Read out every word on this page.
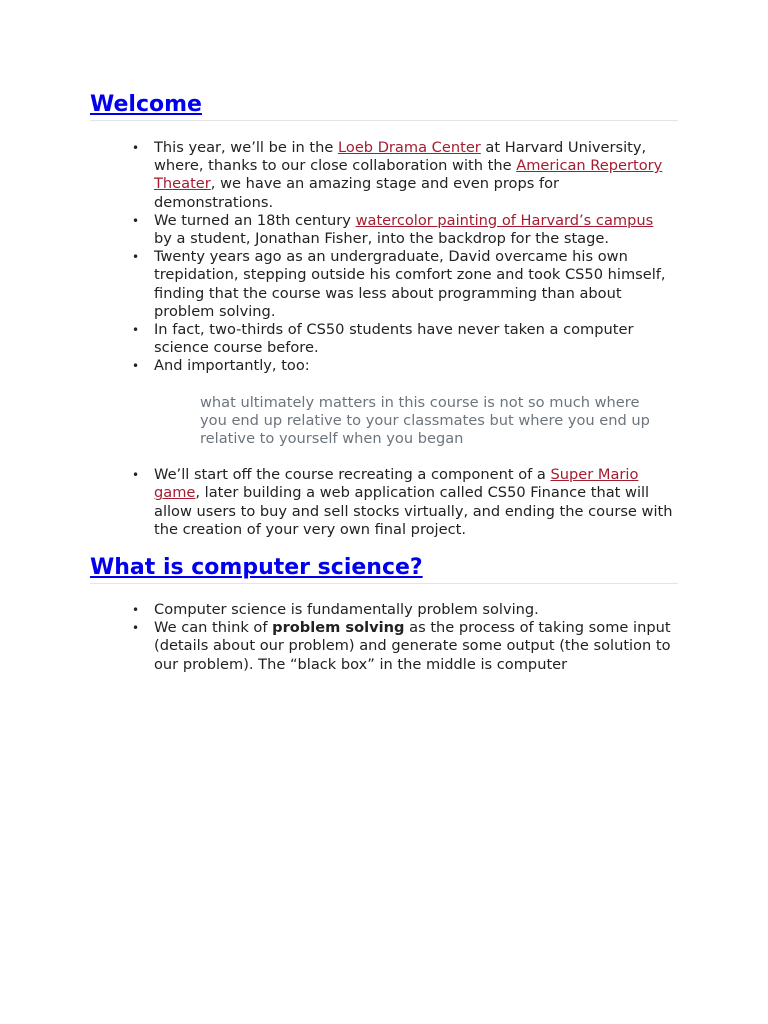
Welcome
• This year, we’ll be in the Loeb Drama Center at Harvard University, where, thanks to our close collaboration with the American Repertory Theater, we have an amazing stage and even props for demonstrations.
• We turned an 18th century watercolor painting of Harvard’s campus by a student, Jonathan Fisher, into the backdrop for the stage.
• Twenty years ago as an undergraduate, David overcame his own trepidation, stepping outside his comfort zone and took CS50 himself, finding that the course was less about programming than about problem solving.
• In fact, two-thirds of CS50 students have never taken a computer science course before.
• And importantly, too:
what ultimately matters in this course is not so much where you end up relative to your classmates but where you end up relative to yourself when you began
• We’ll start off the course recreating a component of a Super Mario game, later building a web application called CS50 Finance that will allow users to buy and sell stocks virtually, and ending the course with the creation of your very own final project.
What is computer science?
• Computer science is fundamentally problem solving.
• We can think of problem solving as the process of taking some input (details about our problem) and generate some output (the solution to our problem). The “black box” in the middle is computer
